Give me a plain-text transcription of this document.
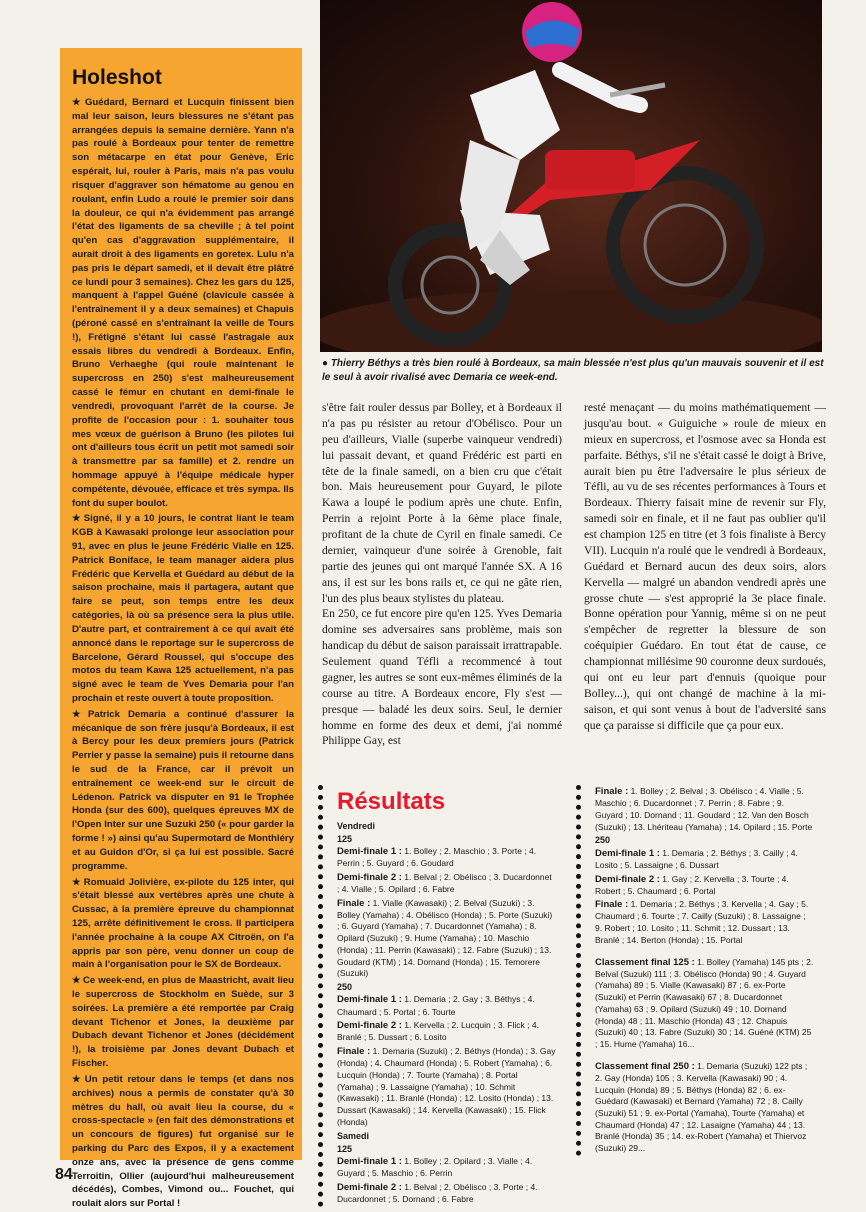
Holeshot

★ Guédard, Bernard et Lucquin finissent bien mal leur saison, leurs blessures ne s'étant pas arrangées depuis la semaine dernière. Yann n'a pas roulé à Bordeaux pour tenter de remettre son métacarpe en état pour Genève, Eric espérait, lui, rouler à Paris, mais n'a pas voulu risquer d'aggraver son hématome au genou en roulant, enfin Ludo a roulé le premier soir dans la douleur, ce qui n'a évidemment pas arrangé l'état des ligaments de sa cheville ; à tel point qu'en cas d'aggravation supplémentaire, il aurait droit à des ligaments en goretex. Lulu n'a pas pris le départ samedi, et il devait être plâtré ce lundi pour 3 semaines). Chez les gars du 125, manquent à l'appel Guéné (clavicule cassée à l'entraînement il y a deux semaines) et Chapuis (péroné cassé en s'entraînant la veille de Tours !), Frétigné s'étant lui cassé l'astragale aux essais libres du vendredi à Bordeaux. Enfin, Bruno Verhaeghe (qui roule maintenant le supercross en 250) s'est malheureusement cassé le fémur en chutant en demi-finale le vendredi, provoquant l'arrêt de la course. Je profite de l'occasion pour : 1. souhaiter tous mes vœux de guérison à Bruno (les pilotes lui ont d'ailleurs tous écrit un petit mot samedi soir à transmettre par sa famille) et 2. rendre un hommage appuyé à l'équipe médicale hyper compétente, dévouée, efficace et très sympa. Ils font du super boulot.

★ Signé, il y a 10 jours, le contrat liant le team KGB à Kawasaki prolonge leur association pour 91, avec en plus le jeune Frédéric Vialle en 125. Patrick Boniface, le team manager aidera plus Frédéric que Kervella et Guédard au début de la saison prochaine, mais il partagera, autant que faire se peut, son temps entre les deux catégories, là où sa présence sera la plus utile. D'autre part, et contrairement à ce qui avait été annoncé dans le reportage sur le supercross de Barcelone, Gérard Roussel, qui s'occupe des motos du team Kawa 125 actuellement, n'a pas signé avec le team de Yves Demaria pour l'an prochain et reste ouvert à toute proposition.

★ Patrick Demaria a continué d'assurer la mécanique de son frère jusqu'à Bordeaux, il est à Bercy pour les deux premiers jours (Patrick Perrier y passe la semaine) puis il retourne dans le sud de la France, car il prévoit un entraînement ce week-end sur le circuit de Lédenon. Patrick va disputer en 91 le Trophée Honda (sur des 600), quelques épreuves MX de l'Open Inter sur une Suzuki 250 (« pour garder la forme ! ») ainsi qu'au Supermotard de Monthléry et au Guidon d'Or, si ça lui est possible. Sacré programme.

★ Romuald Jolivière, ex-pilote du 125 inter, qui s'était blessé aux vertèbres après une chute à Cussac, à la première épreuve du championnat 125, arrête définitivement le cross. Il participera l'année prochaine à la coupe AX Citroën, on l'a appris par son père, venu donner un coup de main à l'organisation pour le SX de Bordeaux.

★ Ce week-end, en plus de Maastricht, avait lieu le supercross de Stockholm en Suède, sur 3 soirées. La première a été remportée par Craig devant Tichenor et Jones, la deuxième par Dubach devant Tichenor et Jones (décidément !), la troisième par Jones devant Dubach et Fischer.

★ Un petit retour dans le temps (et dans nos archives) nous a permis de constater qu'à 30 mètres du hall, où avait lieu la course, du « cross-spectacle » (en fait des démonstrations et un concours de figures) fut organisé sur le parking du Parc des Expos, il y a exactement onze ans, avec la présence de gens comme Terroitin, Ollier (aujourd'hui malheureusement décédés), Combes, Vimond ou... Fouchet, qui roulait alors sur Portal !

● Thierry Béthys a très bien roulé à Bordeaux, sa main blessée n'est plus qu'un mauvais souvenir et il est le seul à avoir rivalisé avec Demaria ce week-end.

s'être fait rouler dessus par Bolley, et à Bordeaux il n'a pas pu résister au retour d'Obélisco. Pour un peu d'ailleurs, Vialle (superbe vainqueur vendredi) lui passait devant, et quand Frédéric est parti en tête de la finale samedi, on a bien cru que c'était bon. Mais heureusement pour Guyard, le pilote Kawa a loupé le podium après une chute. Enfin, Perrin a rejoint Porte à la 6ème place finale, profitant de la chute de Cyril en finale samedi. Ce dernier, vainqueur d'une soirée à Grenoble, fait partie des jeunes qui ont marqué l'année SX. A 16 ans, il est sur les bons rails et, ce qui ne gâte rien, l'un des plus beaux stylistes du plateau.

En 250, ce fut encore pire qu'en 125. Yves Demaria domine ses adversaires sans problème, mais son handicap du début de saison paraissait irrattrapable. Seulement quand Téfli a recommencé à tout gagner, les autres se sont eux-mêmes éliminés de la course au titre. A Bordeaux encore, Fly s'est — presque — baladé les deux soirs. Seul, le dernier homme en forme des deux et demi, j'ai nommé Philippe Gay, est

resté menaçant — du moins mathématiquement — jusqu'au bout. « Guiguiche » roule de mieux en mieux en supercross, et l'osmose avec sa Honda est parfaite. Béthys, s'il ne s'était cassé le doigt à Brive, aurait bien pu être l'adversaire le plus sérieux de Téfli, au vu de ses récentes performances à Tours et Bordeaux. Thierry faisait mine de revenir sur Fly, samedi soir en finale, et il ne faut pas oublier qu'il est champion 125 en titre (et 3 fois finaliste à Bercy VII). Lucquin n'a roulé que le vendredi à Bordeaux, Guédard et Bernard aucun des deux soirs, alors Kervella — malgré un abandon vendredi après une grosse chute — s'est approprié la 3e place finale. Bonne opération pour Yannig, même si on ne peut s'empêcher de regretter la blessure de son coéquipier Guédaro. En tout état de cause, ce championnat millésime 90 couronne deux surdoués, qui ont eu leur part d'ennuis (quoique pour Bolley...), qui ont changé de machine à la mi-saison, et qui sont venus à bout de l'adversité sans que ça paraisse si difficile que ça pour eux.

Résultats
Vendredi
125
Demi-finale 1 : 1. Bolley ; 2. Maschio ; 3. Porte ; 4. Perrin ; 5. Guyard ; 6. Goudard
Demi-finale 2 : 1. Belval ; 2. Obélisco ; 3. Ducardonnet ; 4. Vialle ; 5. Opilard ; 6. Fabre
Finale : 1. Vialle (Kawasaki) ; 2. Belval (Suzuki) ; 3. Bolley (Yamaha) ; 4. Obélisco (Honda) ; 5. Porte (Suzuki) ; 6. Guyard (Yamaha) ; 7. Ducardonnet (Yamaha) ; 8. Opilard (Suzuki) ; 9. Hume (Yamaha) ; 10. Maschio (Honda) ; 11. Perrin (Kawasaki) ; 12. Fabre (Suzuki) ; 13. Goudard (KTM) ; 14. Dornand (Honda) ; 15. Temorere (Suzuki)
250
Demi-finale 1 : 1. Demaria ; 2. Gay ; 3. Béthys ; 4. Chaumard ; 5. Portal ; 6. Tourte
Demi-finale 2 : 1. Kervella ; 2. Lucquin ; 3. Flick ; 4. Branlé ; 5. Dussart ; 6. Losito
Finale : 1. Demaria (Suzuki) ; 2. Béthys (Honda) ; 3. Gay (Honda) ; 4. Chaumard (Honda) ; 5. Robert (Yamaha) ; 6. Lucquin (Honda) ; 7. Tourte (Yamaha) ; 8. Portal (Yamaha) ; 9. Lassaigne (Yamaha) ; 10. Schmit (Kawasaki) ; 11. Branlé (Honda) ; 12. Losito (Honda) ; 13. Dussart (Kawasaki) ; 14. Kervella (Kawasaki) ; 15. Flick (Honda)
Samedi
125
Demi-finale 1 : 1. Bolley ; 2. Opilard ; 3. Vialle ; 4. Guyard ; 5. Maschio ; 6. Perrin
Demi-finale 2 : 1. Belval ; 2. Obélisco ; 3. Porte ; 4. Ducardonnet ; 5. Dornand ; 6. Fabre
Finale : 1. Bolley ; 2. Belval ; 3. Obélisco ; 4. Vialle ; 5. Maschio ; 6. Ducardonnet ; 7. Perrin ; 8. Fabre ; 9. Guyard ; 10. Dornand ; 11. Goudard ; 12. Van den Bosch (Suzuki) ; 13. Lhériteau (Yamaha) ; 14. Opilard ; 15. Porte
250
Demi-finale 1 : 1. Demaria ; 2. Béthys ; 3. Cailly ; 4. Losito ; 5. Lassaigne ; 6. Dussart
Demi-finale 2 : 1. Gay ; 2. Kervella ; 3. Tourte ; 4. Robert ; 5. Chaumard ; 6. Portal
Finale : 1. Demaria ; 2. Béthys ; 3. Kervella ; 4. Gay ; 5. Chaumard ; 6. Tourte ; 7. Cailly (Suzuki) ; 8. Lassaigne ; 9. Robert ; 10. Losito ; 11. Schmit ; 12. Dussart ; 13. Branlé ; 14. Berton (Honda) ; 15. Portal
Classement final 125 : 1. Bolley (Yamaha) 145 pts ; 2. Belval (Suzuki) 111 ; 3. Obélisco (Honda) 90 ; 4. Guyard (Yamaha) 89 ; 5. Vialle (Kawasaki) 87 ; 6. ex-Porte (Suzuki) et Perrin (Kawasaki) 67 ; 8. Ducardonnet (Yamaha) 63 ; 9. Opilard (Suzuki) 49 ; 10. Dornand (Honda) 48 ; 11. Maschio (Honda) 43 ; 12. Chapuis (Suzuki) 40 ; 13. Fabre (Suzuki) 30 ; 14. Guéné (KTM) 25 ; 15. Hume (Yamaha) 16...
Classement final 250 : 1. Demaria (Suzuki) 122 pts ; 2. Gay (Honda) 105 ; 3. Kervella (Kawasaki) 90 ; 4. Lucquin (Honda) 89 ; 5. Béthys (Honda) 82 ; 6. ex-Guédard (Kawasaki) et Bernard (Yamaha) 72 ; 8. Cailly (Suzuki) 51 ; 9. ex-Portal (Yamaha), Tourte (Yamaha) et Chaumard (Honda) 47 ; 12. Lasaigne (Yamaha) 44 ; 13. Branlé (Honda) 35 ; 14. ex-Robert (Yamaha) et Thiervoz (Suzuki) 29...
84
